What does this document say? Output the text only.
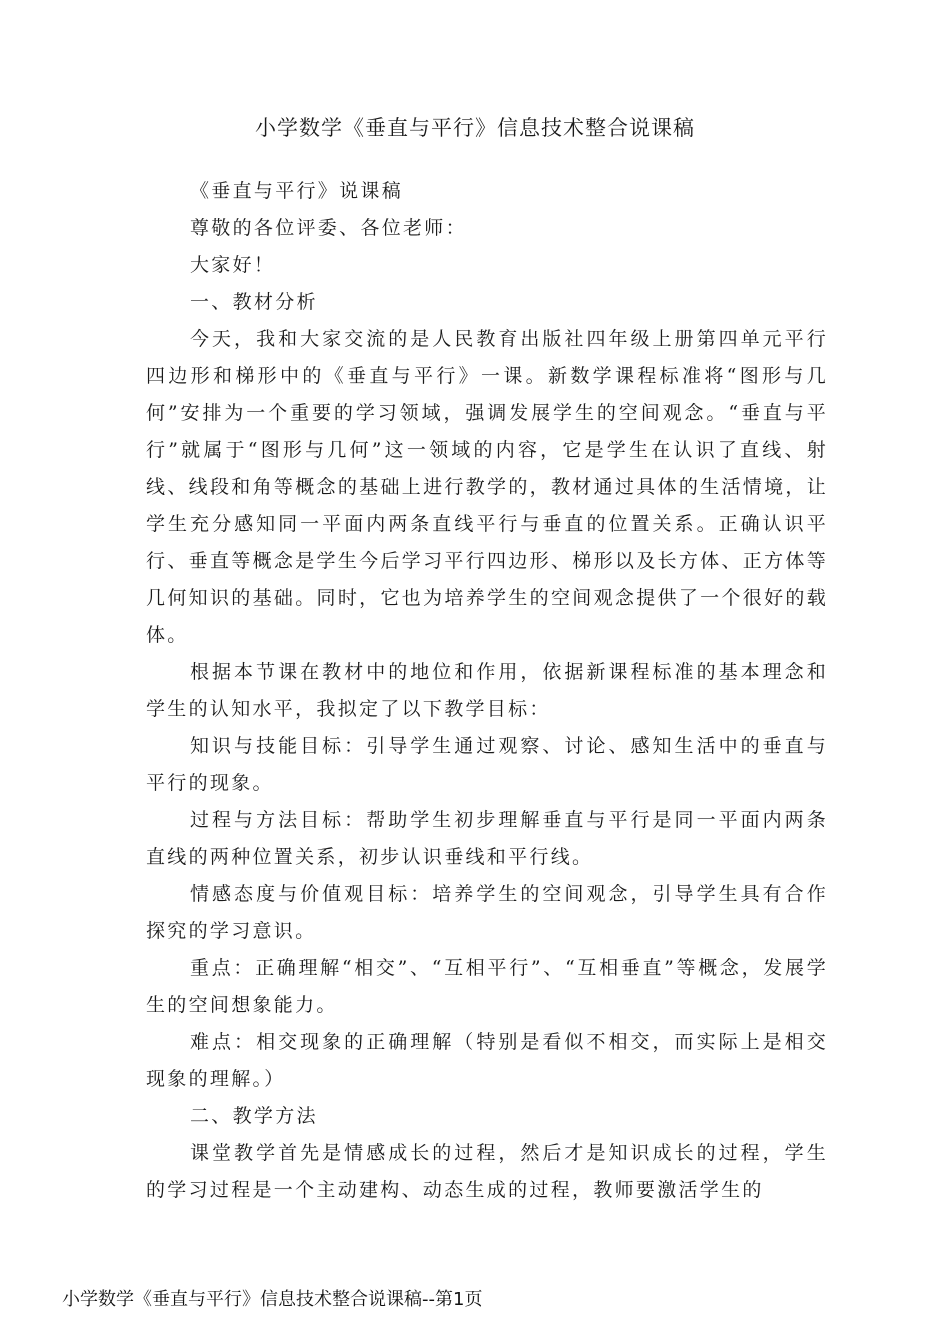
小学数学《垂直与平行》信息技术整合说课稿

《垂直与平行》说课稿

尊敬的各位评委、各位老师：

大家好！

一、教材分析

今天，我和大家交流的是人民教育出版社四年级上册第四单元平行四边形和梯形中的《垂直与平行》一课。新数学课程标准将“图形与几何”安排为一个重要的学习领域，强调发展学生的空间观念。“垂直与平行”就属于“图形与几何”这一领域的内容，它是学生在认识了直线、射线、线段和角等概念的基础上进行教学的，教材通过具体的生活情境，让学生充分感知同一平面内两条直线平行与垂直的位置关系。正确认识平行、垂直等概念是学生今后学习平行四边形、梯形以及长方体、正方体等几何知识的基础。同时，它也为培养学生的空间观念提供了一个很好的载体。

根据本节课在教材中的地位和作用，依据新课程标准的基本理念和学生的认知水平，我拟定了以下教学目标：

知识与技能目标：引导学生通过观察、讨论、感知生活中的垂直与平行的现象。

过程与方法目标：帮助学生初步理解垂直与平行是同一平面内两条直线的两种位置关系，初步认识垂线和平行线。

情感态度与价值观目标：培养学生的空间观念，引导学生具有合作探究的学习意识。

重点：正确理解“相交”、“互相平行”、“互相垂直”等概念，发展学生的空间想象能力。

难点：相交现象的正确理解（特别是看似不相交，而实际上是相交现象的理解。）

二、教学方法

课堂教学首先是情感成长的过程，然后才是知识成长的过程，学生的学习过程是一个主动建构、动态生成的过程，教师要激活学生的

小学数学《垂直与平行》信息技术整合说课稿--第1页
